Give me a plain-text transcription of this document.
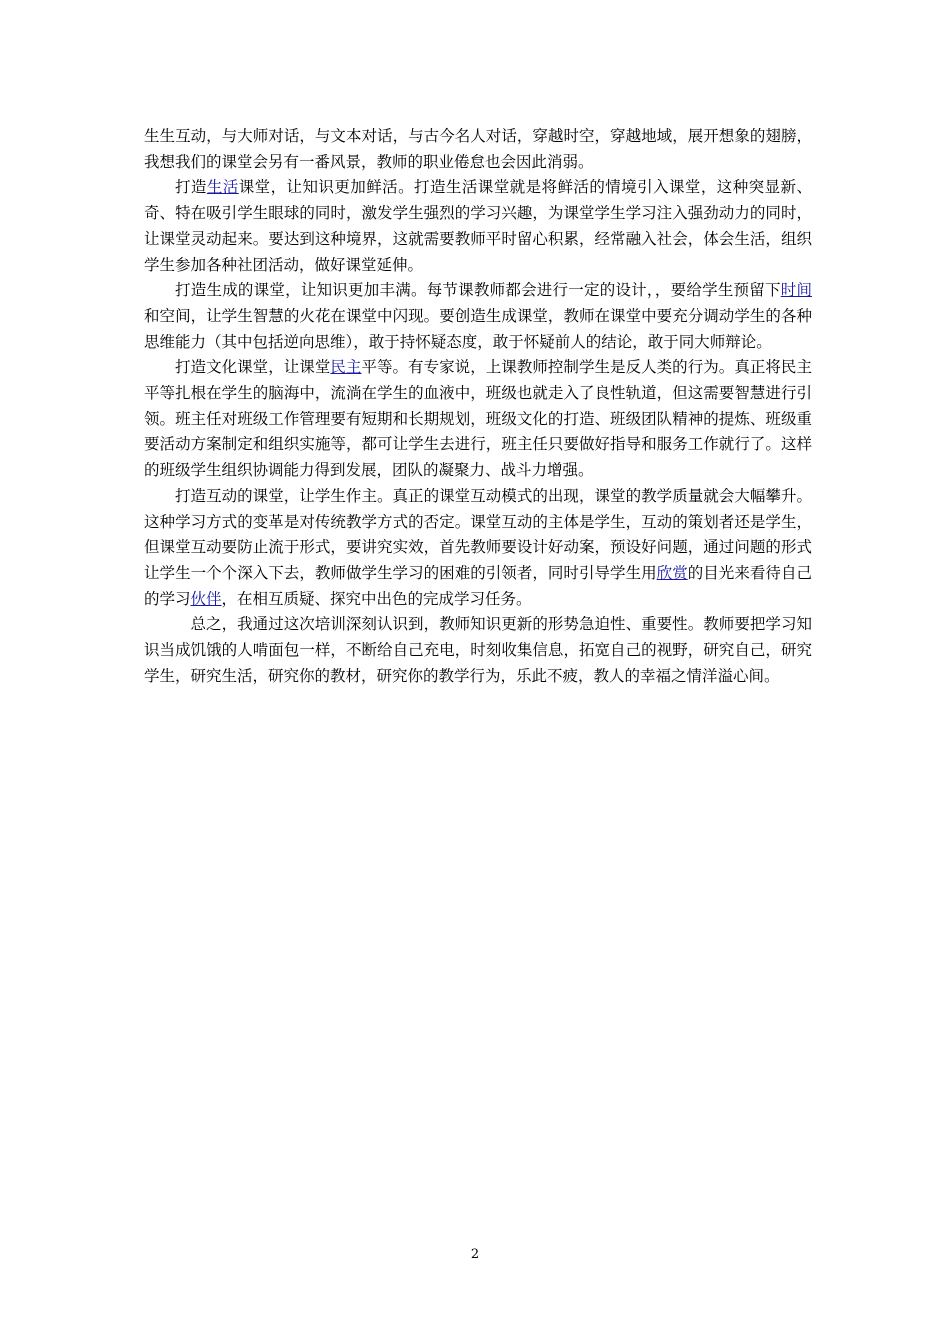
生生互动，与大师对话，与文本对话，与古今名人对话，穿越时空，穿越地域，展开想象的翅膀，我想我们的课堂会另有一番风景，教师的职业倦怠也会因此消弱。

打造生活课堂，让知识更加鲜活。打造生活课堂就是将鲜活的情境引入课堂，这种突显新、奇、特在吸引学生眼球的同时，激发学生强烈的学习兴趣，为课堂学生学习注入强劲动力的同时，让课堂灵动起来。要达到这种境界，这就需要教师平时留心积累，经常融入社会，体会生活，组织学生参加各种社团活动，做好课堂延伸。

打造生成的课堂，让知识更加丰满。每节课教师都会进行一定的设计，，要给学生预留下时间和空间，让学生智慧的火花在课堂中闪现。要创造生成课堂，教师在课堂中要充分调动学生的各种思维能力（其中包括逆向思维），敢于持怀疑态度，敢于怀疑前人的结论，敢于同大师辩论。

打造文化课堂，让课堂民主平等。有专家说，上课教师控制学生是反人类的行为。真正将民主平等扎根在学生的脑海中，流淌在学生的血液中，班级也就走入了良性轨道，但这需要智慧进行引领。班主任对班级工作管理要有短期和长期规划，班级文化的打造、班级团队精神的提炼、班级重要活动方案制定和组织实施等，都可让学生去进行，班主任只要做好指导和服务工作就行了。这样的班级学生组织协调能力得到发展，团队的凝聚力、战斗力增强。

打造互动的课堂，让学生作主。真正的课堂互动模式的出现，课堂的教学质量就会大幅攀升。这种学习方式的变革是对传统教学方式的否定。课堂互动的主体是学生，互动的策划者还是学生，但课堂互动要防止流于形式，要讲究实效，首先教师要设计好动案，预设好问题，通过问题的形式让学生一个个深入下去，教师做学生学习的困难的引领者，同时引导学生用欣赏的目光来看待自己的学习伙伴，在相互质疑、探究中出色的完成学习任务。

总之，我通过这次培训深刻认识到，教师知识更新的形势急迫性、重要性。教师要把学习知识当成饥饿的人啃面包一样，不断给自己充电，时刻收集信息，拓宽自己的视野，研究自己，研究学生，研究生活，研究你的教材，研究你的教学行为，乐此不疲，教人的幸福之情洋溢心间。

2
